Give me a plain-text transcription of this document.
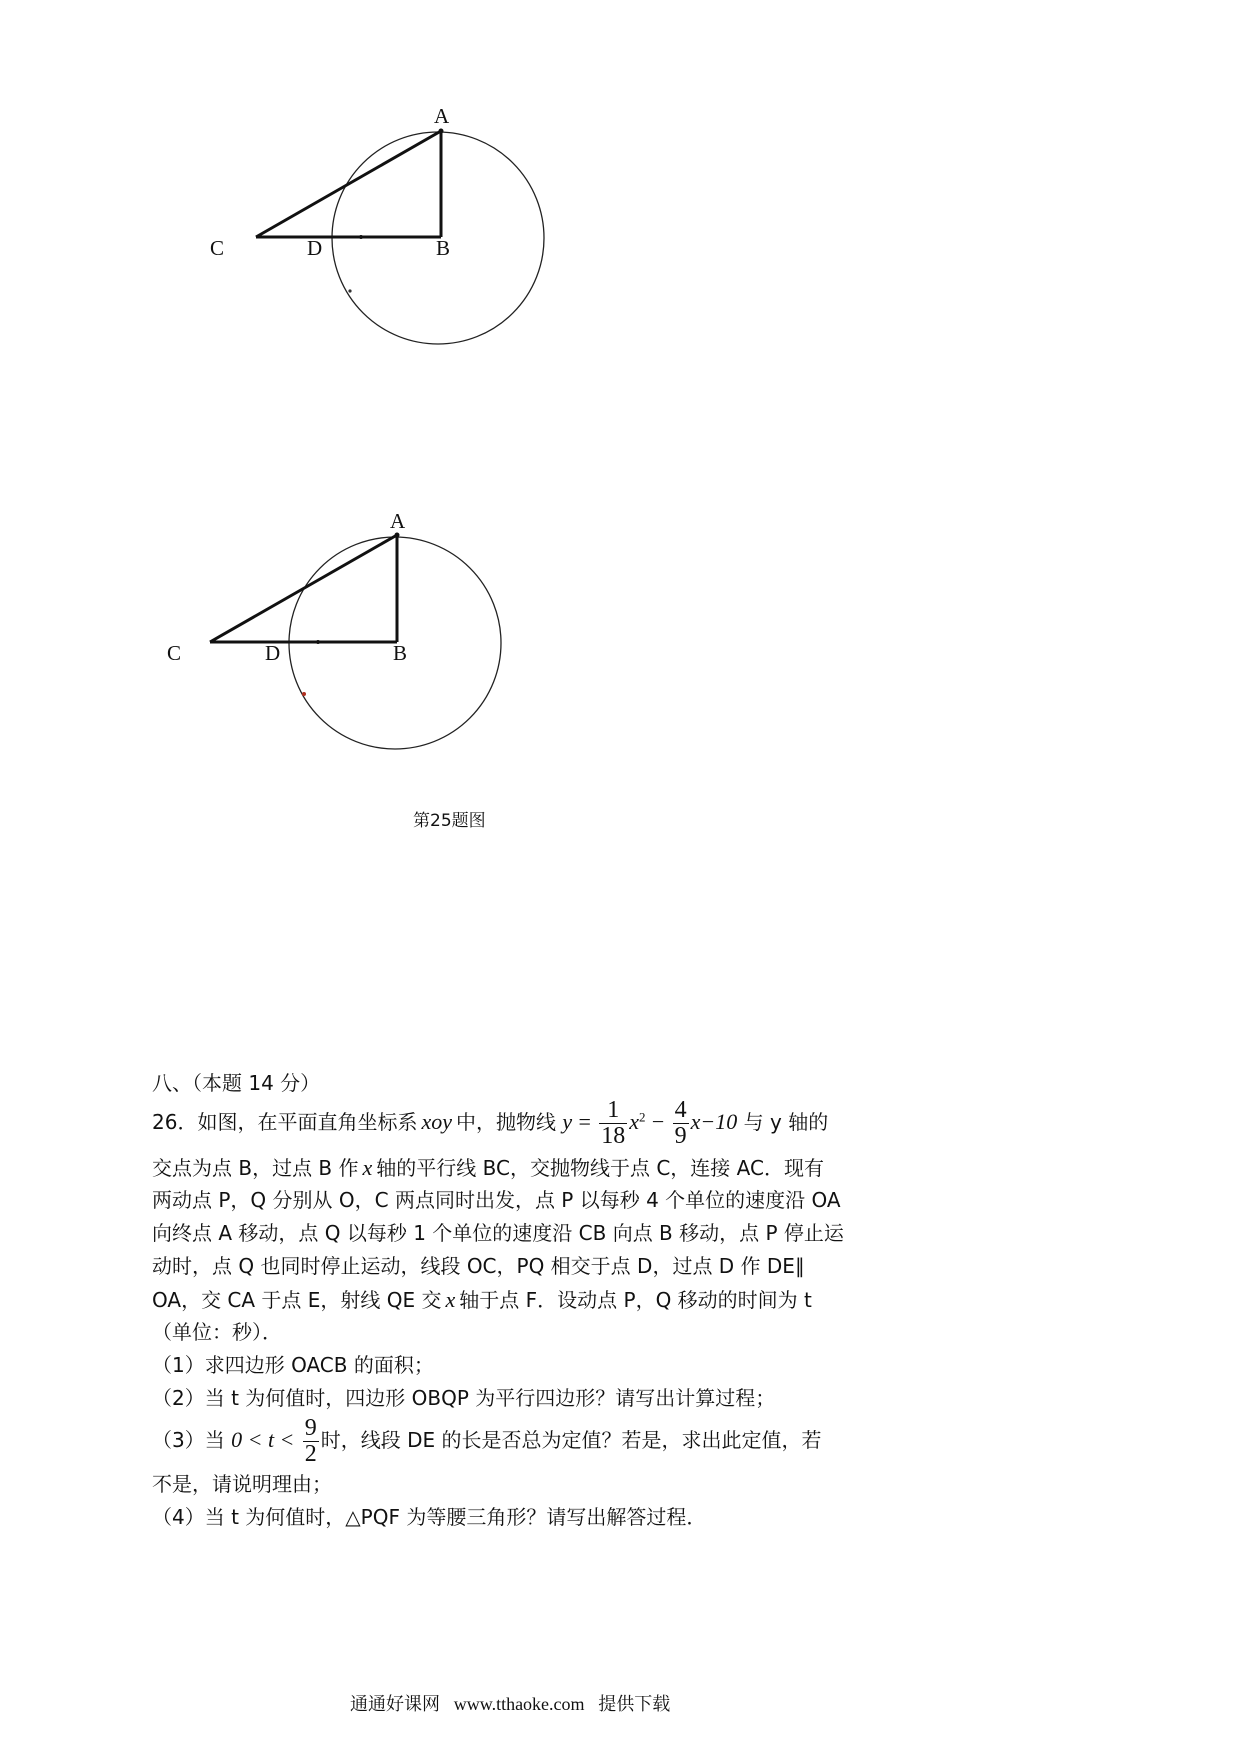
A
C	D	B
A
C	D	B
第25题图
八、（本题 14 分）
26．如图，在平面直角坐标系 xoy 中，抛物线 $y = \frac{1}{18} x^2 - \frac{4}{9} x-10$ 与 y 轴的
交点为点 B，过点 B 作 x 轴的平行线 BC，交抛物线于点 C，连接 AC．现有
两动点 P，Q 分别从 O，C 两点同时出发，点 P 以每秒 4 个单位的速度沿 OA
向终点 A 移动，点 Q 以每秒 1 个单位的速度沿 CB 向点 B 移动，点 P 停止运
动时，点 Q 也同时停止运动，线段 OC，PQ 相交于点 D，过点 D 作 DE∥
OA，交 CA 于点 E，射线 QE 交 x 轴于点 F．设动点 P，Q 移动的时间为 t
（单位：秒）．
（1）求四边形 OACB 的面积；
（2）当 t 为何值时，四边形 OBQP 为平行四边形？请写出计算过程；
（3）当 $0 < t < \frac{9}{2}$ 时，线段 DE 的长是否总为定值？若是，求出此定值，若
不是，请说明理由；
（4）当 t 为何值时，△PQF 为等腰三角形？请写出解答过程．
通通好课网 www.tthaoke.com 提供下载
